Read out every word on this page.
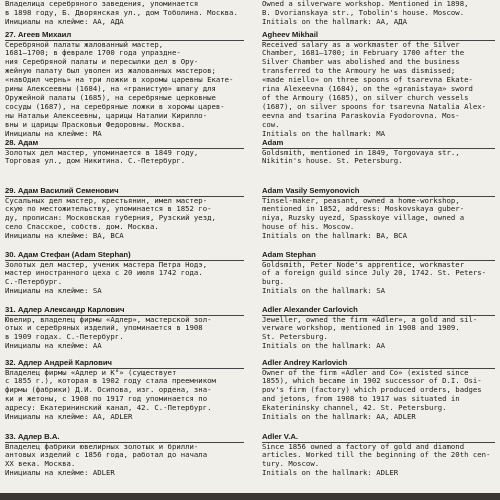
Владелица серебряного заведения, упоминается
в 1898 году, Б. Дворянская ул., дом Тоболина. Москва.
Инициалы на клейме: АА, АДА
27. Агеев Михаил
Серебряной палаты жалованный мастер,
1681—1700; в феврале 1700 года упраздне-
ния Серебряной палаты и пересылки дел в Ору-
жейную палату был уволен из жалованных мастеров;
«навОдил чернь» на три ложки в хоромы царевны Екате-
рины Алексеевны (1684), на «гранистую» шпагу для
Оружейной палаты (1685), на серебряные церковные
сосуды (1687), на серебряные ложки в хоромы царев-
ны Натальи Алексеевны, царицы Наталии Кирилло-
вны и царицы Прасковьи Федоровны. Москва.
Инициалы на клейме: МА
28. Адам
Золотых дел мастер, упоминается в 1849 году,
Торговая ул., дом Никитина. С.-Петербург.
29. Адам Василий Семенович
Сусальных дел мастер, крестьянин, имел мастер-
скую по местожительству, упоминается в 1852 го-
ду, прописан: Московская губерния, Рузский уезд,
село Спасское, собств. дом. Москва.
Инициалы на клейме: ВА, ВСА
30. Адам Стефан (Adam Stephan)
Золотых дел мастер, ученик мастера Петра Нодэ,
мастер иностранного цеха с 20 июля 1742 года.
С.-Петербург.
Инициалы на клейме: SA
31. Адлер Александр Карлович
Ювелир, владелец фирмы «Адлер», мастерской зол-
отых и серебряных изделий, упоминается в 1908
в 1909 годах. С.-Петербург.
Инициалы на клейме: АА
32. Адлер Андрей Карлович
Владелец фирмы «Адлер и К°» (существует
с 1855 г.), которая в 1902 году стала преемником
фирмы (фабрики) Д.И. Осипова, изг. ордена, зна-
ки и жетоны, с 1908 по 1917 год упоминается по
адресу: Екатерининский канал, 42. С.-Петербург.
Инициалы на клейме: АА, ADLER
33. Адлер В.А.
Владелец фабрики ювелирных золотых и брилли-
антовых изделий с 1856 года, работал до начала
XX века. Москва.
Инициалы на клейме: ADLER
Owned a silverware workshop. Mentioned in 1898,
B. Dvorianskaya str., Tobolin's house. Moscow.
Initials on the hallmark: AA, АДА
Agheev Mikhail
Received salary as a workmaster of the Silver
Chamber, 1681—1700; in February 1700 after the
Silver Chamber was abolished and the business
transferred to the Armoury he was dismissed;
«made niello» on three spoons of tsarevna Ekate-
rina Alexeevna (1684), on the «granistaya» sword
of the Armoury (1685), on silver church vessels
(1687), on silver spoons for tsarevna Natalia Alex-
eevna and tsarina Paraskovia Fyodorovna. Mos-
cow.
Initials on the hallmark: МА
Adam
Goldsmith, mentioned in 1849, Torgovaya str.,
Nikitin's house. St. Petersburg.
Adam Vasily Semyonovich
Tinsel-maker, peasant, owned a home-workshop,
mentioned in 1852, address: Moskovskaya guber-
niya, Ruzsky uyezd, Spasskoye village, owned a
house of his. Moscow.
Initials on the hallmark: ВА, ВСА
Adam Stephan
Goldsmith, Peter Node's apprentice, workmaster
of a foreign guild since July 20, 1742. St. Peters-
burg.
Initials on the hallmark: SA
Adler Alexander Carlovich
Jeweller, owned the firm «Adler», a gold and sil-
verware workshop, mentioned in 1908 and 1909.
St. Petersburg.
Initials on the hallmark: АА
Adler Andrey Karlovich
Owner of the firm «Adler and Co» (existed since
1855), which became in 1902 successor of D.I. Osi-
pov's firm (factory) which produced orders, badges
and jetons, from 1908 to 1917 was situated in
Ekaterininsky channel, 42. St. Petersburg.
Initials on the hallmark: AA, ADLER
Adler V.A.
Since 1856 owned a factory of gold and diamond
articles. Worked till the beginning of the 20th cen-
tury. Moscow.
Initials on the hallmark: ADLER
